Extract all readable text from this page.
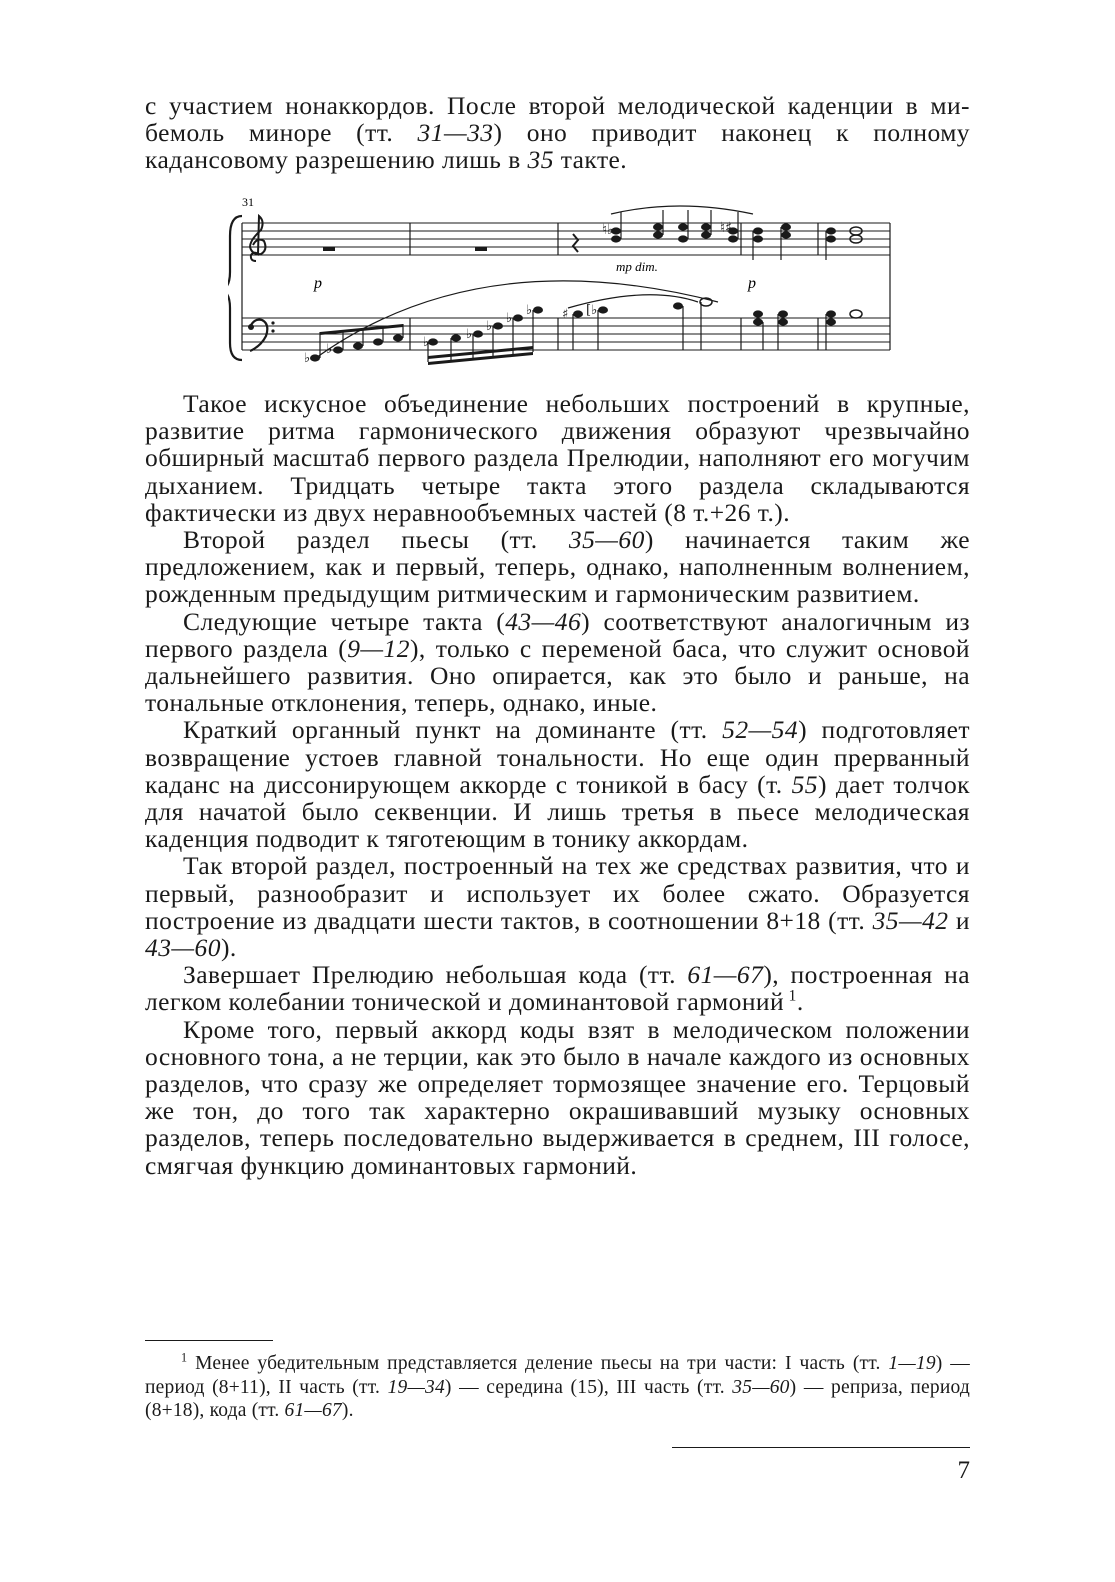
с участием нонаккордов. После второй мелодической каденции в ми-бемоль миноре (тт. 31—33) оно приводит наконец к полному кадансовому разрешению лишь в 35 такте.

31
♮♭	♮♯
mp dim.
p	p
♭
♭	♭
♭
♭
♭
♭ ♯ [♭

Такое искусное объединение небольших построений в крупные, развитие ритма гармонического движения образуют чрезвычайно обширный масштаб первого раздела Прелюдии, наполняют его могучим дыханием. Тридцать четыре такта этого раздела складываются фактически из двух неравнообъемных частей (8 т.+26 т.).

Второй раздел пьесы (тт. 35—60) начинается таким же предложением, как и первый, теперь, однако, наполненным волнением, рожденным предыдущим ритмическим и гармоническим развитием.

Следующие четыре такта (43—46) соответствуют аналогичным из первого раздела (9—12), только с переменой баса, что служит основой дальнейшего развития. Оно опирается, как это было и раньше, на тональные отклонения, теперь, однако, иные.

Краткий органный пункт на доминанте (тт. 52—54) подготовляет возвращение устоев главной тональности. Но еще один прерванный каданс на диссонирующем аккорде с тоникой в басу (т. 55) дает толчок для начатой было секвенции. И лишь третья в пьесе мелодическая каденция подводит к тяготеющим в тонику аккордам.

Так второй раздел, построенный на тех же средствах развития, что и первый, разнообразит и использует их более сжато. Образуется построение из двадцати шести тактов, в соотношении 8+18 (тт. 35—42 и 43—60).

Завершает Прелюдию небольшая кода (тт. 61—67), построенная на легком колебании тонической и доминантовой гармоний $^1$.

Кроме того, первый аккорд коды взят в мелодическом положении основного тона, а не терции, как это было в начале каждого из основных разделов, что сразу же определяет тормозящее значение его. Терцовый же тон, до того так характерно окрашивавший музыку основных разделов, теперь последовательно выдерживается в среднем, III голосе, смягчая функцию доминантовых гармоний.

$^1$ Менее убедительным представляется деление пьесы на три части: I часть (тт. 1—19) — период (8+11), II часть (тт. 19—34) — середина (15), III часть (тт. 35—60) — реприза, период (8+18), кода (тт. 61—67).

7
